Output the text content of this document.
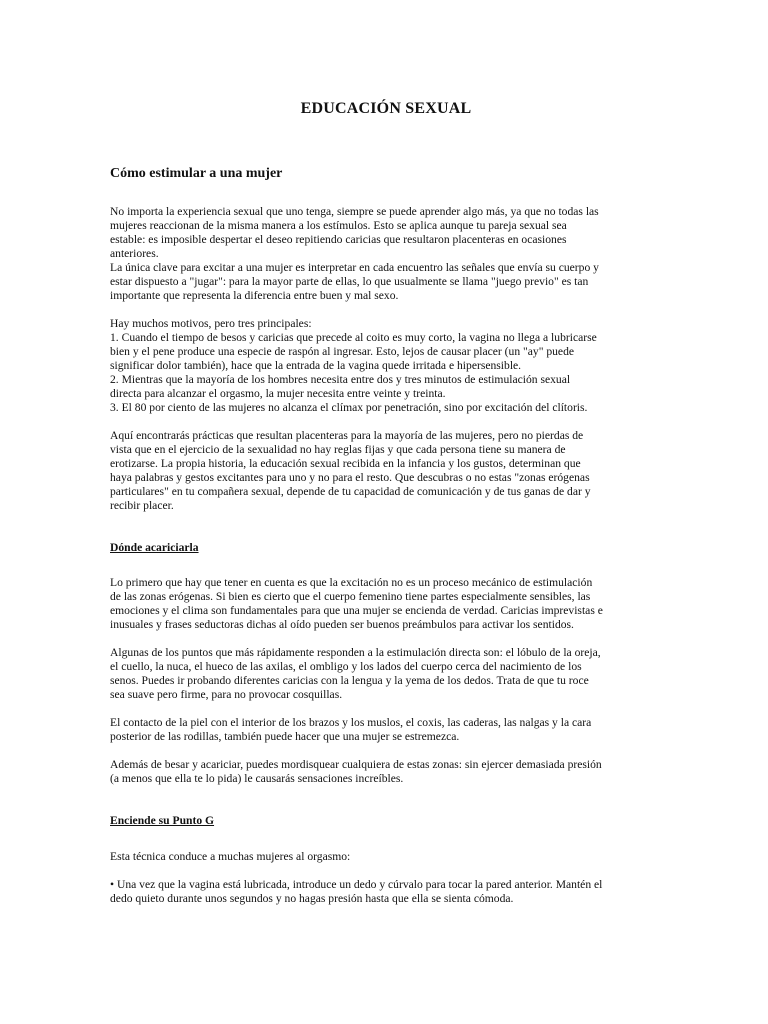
EDUCACIÓN SEXUAL
Cómo estimular a una mujer

No importa la experiencia sexual que uno tenga, siempre se puede aprender algo más, ya que no todas las
mujeres reaccionan de la misma manera a los estímulos. Esto se aplica aunque tu pareja sexual sea
estable: es imposible despertar el deseo repitiendo caricias que resultaron placenteras en ocasiones
anteriores.
La única clave para excitar a una mujer es interpretar en cada encuentro las señales que envía su cuerpo y
estar dispuesto a "jugar": para la mayor parte de ellas, lo que usualmente se llama "juego previo" es tan
importante que representa la diferencia entre buen y mal sexo.

Hay muchos motivos, pero tres principales:
1. Cuando el tiempo de besos y caricias que precede al coito es muy corto, la vagina no llega a lubricarse
bien y el pene produce una especie de raspón al ingresar. Esto, lejos de causar placer (un "ay" puede
significar dolor también), hace que la entrada de la vagina quede irritada e hipersensible.
2. Mientras que la mayoría de los hombres necesita entre dos y tres minutos de estimulación sexual
directa para alcanzar el orgasmo, la mujer necesita entre veinte y treinta.
3. El 80 por ciento de las mujeres no alcanza el clímax por penetración, sino por excitación del clítoris.

Aquí encontrarás prácticas que resultan placenteras para la mayoría de las mujeres, pero no pierdas de
vista que en el ejercicio de la sexualidad no hay reglas fijas y que cada persona tiene su manera de
erotizarse. La propia historia, la educación sexual recibida en la infancia y los gustos, determinan que
haya palabras y gestos excitantes para uno y no para el resto. Que descubras o no estas "zonas erógenas
particulares" en tu compañera sexual, depende de tu capacidad de comunicación y de tus ganas de dar y
recibir placer.

Dónde acariciarla

Lo primero que hay que tener en cuenta es que la excitación no es un proceso mecánico de estimulación
de las zonas erógenas. Si bien es cierto que el cuerpo femenino tiene partes especialmente sensibles, las
emociones y el clima son fundamentales para que una mujer se encienda de verdad. Caricias imprevistas e
inusuales y frases seductoras dichas al oído pueden ser buenos preámbulos para activar los sentidos.

Algunas de los puntos que más rápidamente responden a la estimulación directa son: el lóbulo de la oreja,
el cuello, la nuca, el hueco de las axilas, el ombligo y los lados del cuerpo cerca del nacimiento de los
senos. Puedes ir probando diferentes caricias con la lengua y la yema de los dedos. Trata de que tu roce
sea suave pero firme, para no provocar cosquillas.

El contacto de la piel con el interior de los brazos y los muslos, el coxis, las caderas, las nalgas y la cara
posterior de las rodillas, también puede hacer que una mujer se estremezca.

Además de besar y acariciar, puedes mordisquear cualquiera de estas zonas: sin ejercer demasiada presión
(a menos que ella te lo pida) le causarás sensaciones increíbles.

Enciende su Punto G

Esta técnica conduce a muchas mujeres al orgasmo:

• Una vez que la vagina está lubricada, introduce un dedo y cúrvalo para tocar la pared anterior. Mantén el
dedo quieto durante unos segundos y no hagas presión hasta que ella se sienta cómoda.
